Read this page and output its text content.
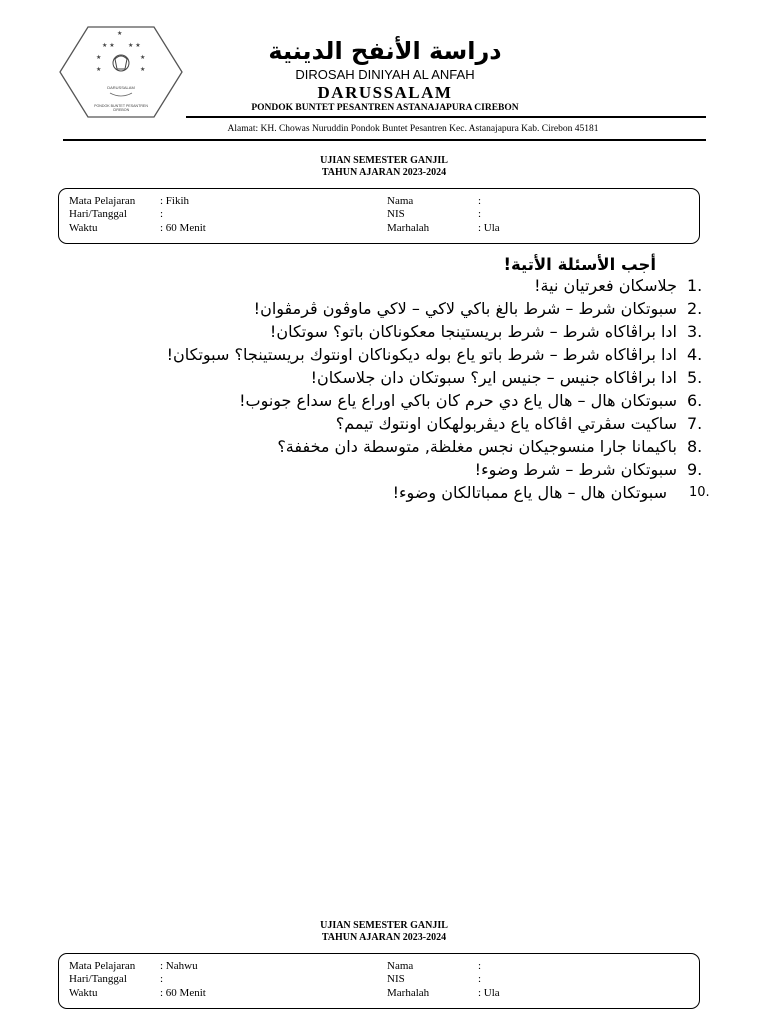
★ ★ ★ ★
★	★
★	★
★
DARUSSALAM
PONDOK BUNTET PESANTREN
CIREBON
دراسة الأنفح الدينية
DIROSAH DINIYAH AL ANFAH
DARUSSALAM
PONDOK BUNTET PESANTREN ASTANAJAPURA CIREBON
Alamat: KH. Chowas Nuruddin Pondok Buntet Pesantren Kec. Astanajapura Kab. Cirebon 45181
UJIAN SEMESTER GANJIL
TAHUN AJARAN 2023-2024
Mata Pelajaran : Fikih
Hari/Tanggal	:
Waktu	: 60 Menit
Nama	:
NIS	:
Marhalah	: Ula
أجب الأسئلة الأتية!
جلاسكان فعرتيان نية! 1.
سبوتكان شرط – شرط بالغ باكي لاكي – لاكي ماوڤون ڤرمڤوان! 2.
ادا براڤاكاه شرط – شرط بريستينجا معكوناكان باتو؟ سوتكان! 3.
ادا براڤاكاه شرط – شرط باتو ياع بوله ديكوناكان اونتوك بريستينجا؟ سبوتكان! 4.
ادا براڤاكاه جنيس – جنيس اير؟ سبوتكان دان جلاسكان! 5.
سبوتكان هال – هال ياع دي حرم كان باكي اوراع ياع سداع جونوب! 6.
ساكيت سڤرتي اڤاكاه ياع ديڤربولهكان اونتوك تيمم؟ 7.
باكيمانا جارا منسوجيكان نجس مغلظة, متوسطة دان مخففة؟ 8.
سبوتكان شرط – شرط وضوء! 9.
سبوتكان هال – هال ياع ممباتالكان وضوء! 10.
UJIAN SEMESTER GANJIL
TAHUN AJARAN 2023-2024
Mata Pelajaran : Nahwu
Hari/Tanggal	:
Waktu	: 60 Menit
Nama	:
NIS	:
Marhalah	: Ula
